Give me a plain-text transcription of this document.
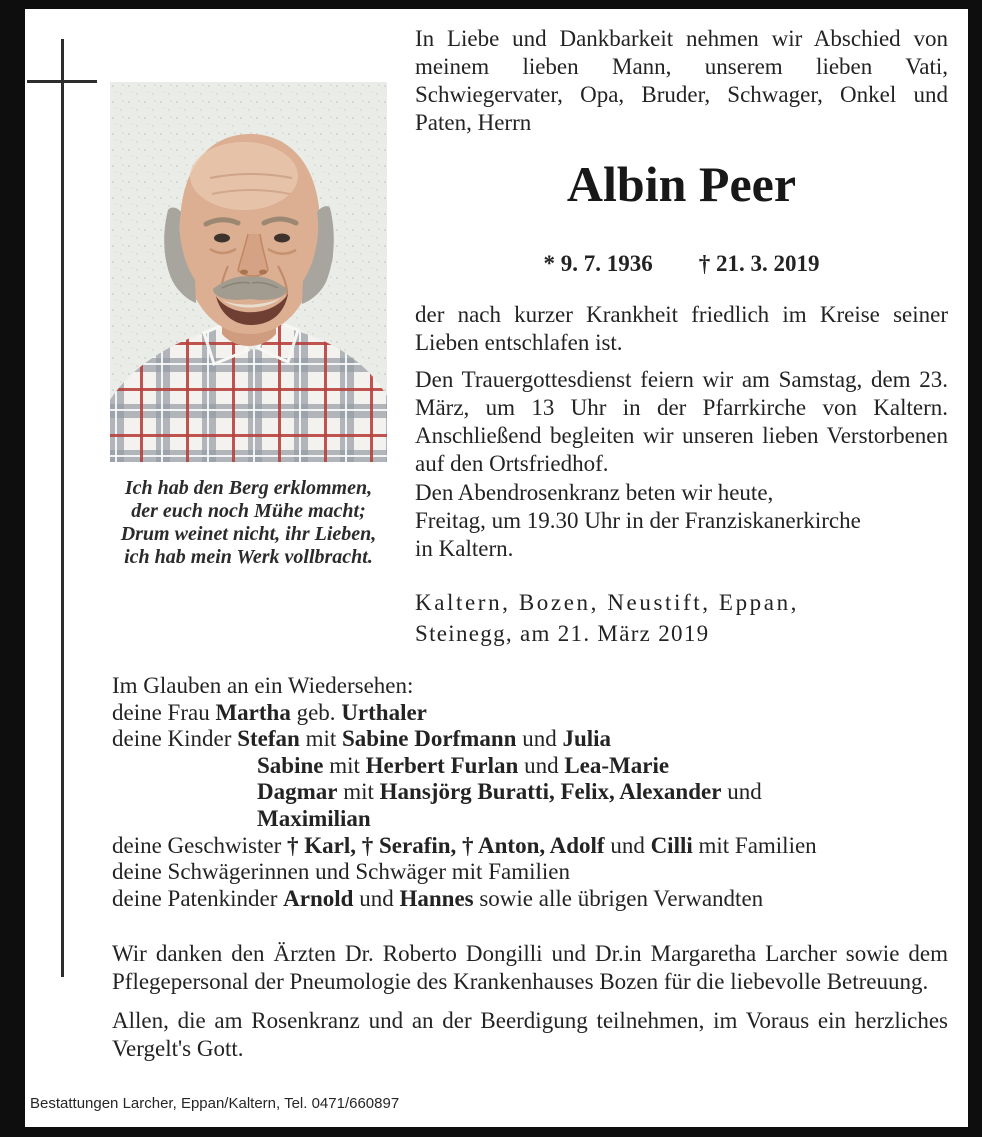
Ich hab den Berg erklommen,

der euch noch Mühe macht;

Drum weinet nicht, ihr Lieben,

ich hab mein Werk vollbracht.

In Liebe und Dankbarkeit nehmen wir Abschied von meinem lieben Mann, unserem lieben Vati, Schwiegervater, Opa, Bruder, Schwager, Onkel und Paten, Herrn

Albin Peer
* 9. 7. 1936 † 21. 3. 2019

der nach kurzer Krankheit friedlich im Kreise seiner Lieben entschlafen ist.

Den Trauergottesdienst feiern wir am Samstag, dem 23. März, um 13 Uhr in der Pfarrkirche von Kaltern. Anschließend begleiten wir unseren lieben Verstorbenen auf den Ortsfriedhof.

Den Abendrosenkranz beten wir heute,

Freitag, um 19.30 Uhr in der Franziskanerkirche

in Kaltern.

Kaltern, Bozen, Neustift, Eppan,

Steinegg, am 21. März 2019

Im Glauben an ein Wiedersehen:

deine Frau Martha geb. Urthaler

deine Kinder Stefan mit Sabine Dorfmann und Julia

Sabine mit Herbert Furlan und Lea-Marie

Dagmar mit Hansjörg Buratti, Felix, Alexander und

Maximilian

deine Geschwister † Karl, † Serafin, † Anton, Adolf und Cilli mit Familien

deine Schwägerinnen und Schwäger mit Familien

deine Patenkinder Arnold und Hannes sowie alle übrigen Verwandten

Wir danken den Ärzten Dr. Roberto Dongilli und Dr.in Margaretha Larcher sowie dem Pflegepersonal der Pneumologie des Krankenhauses Bozen für die liebevolle Betreuung.

Allen, die am Rosenkranz und an der Beerdigung teilnehmen, im Voraus ein herzliches Vergelt's Gott.

Bestattungen Larcher, Eppan/Kaltern, Tel. 0471/660897
